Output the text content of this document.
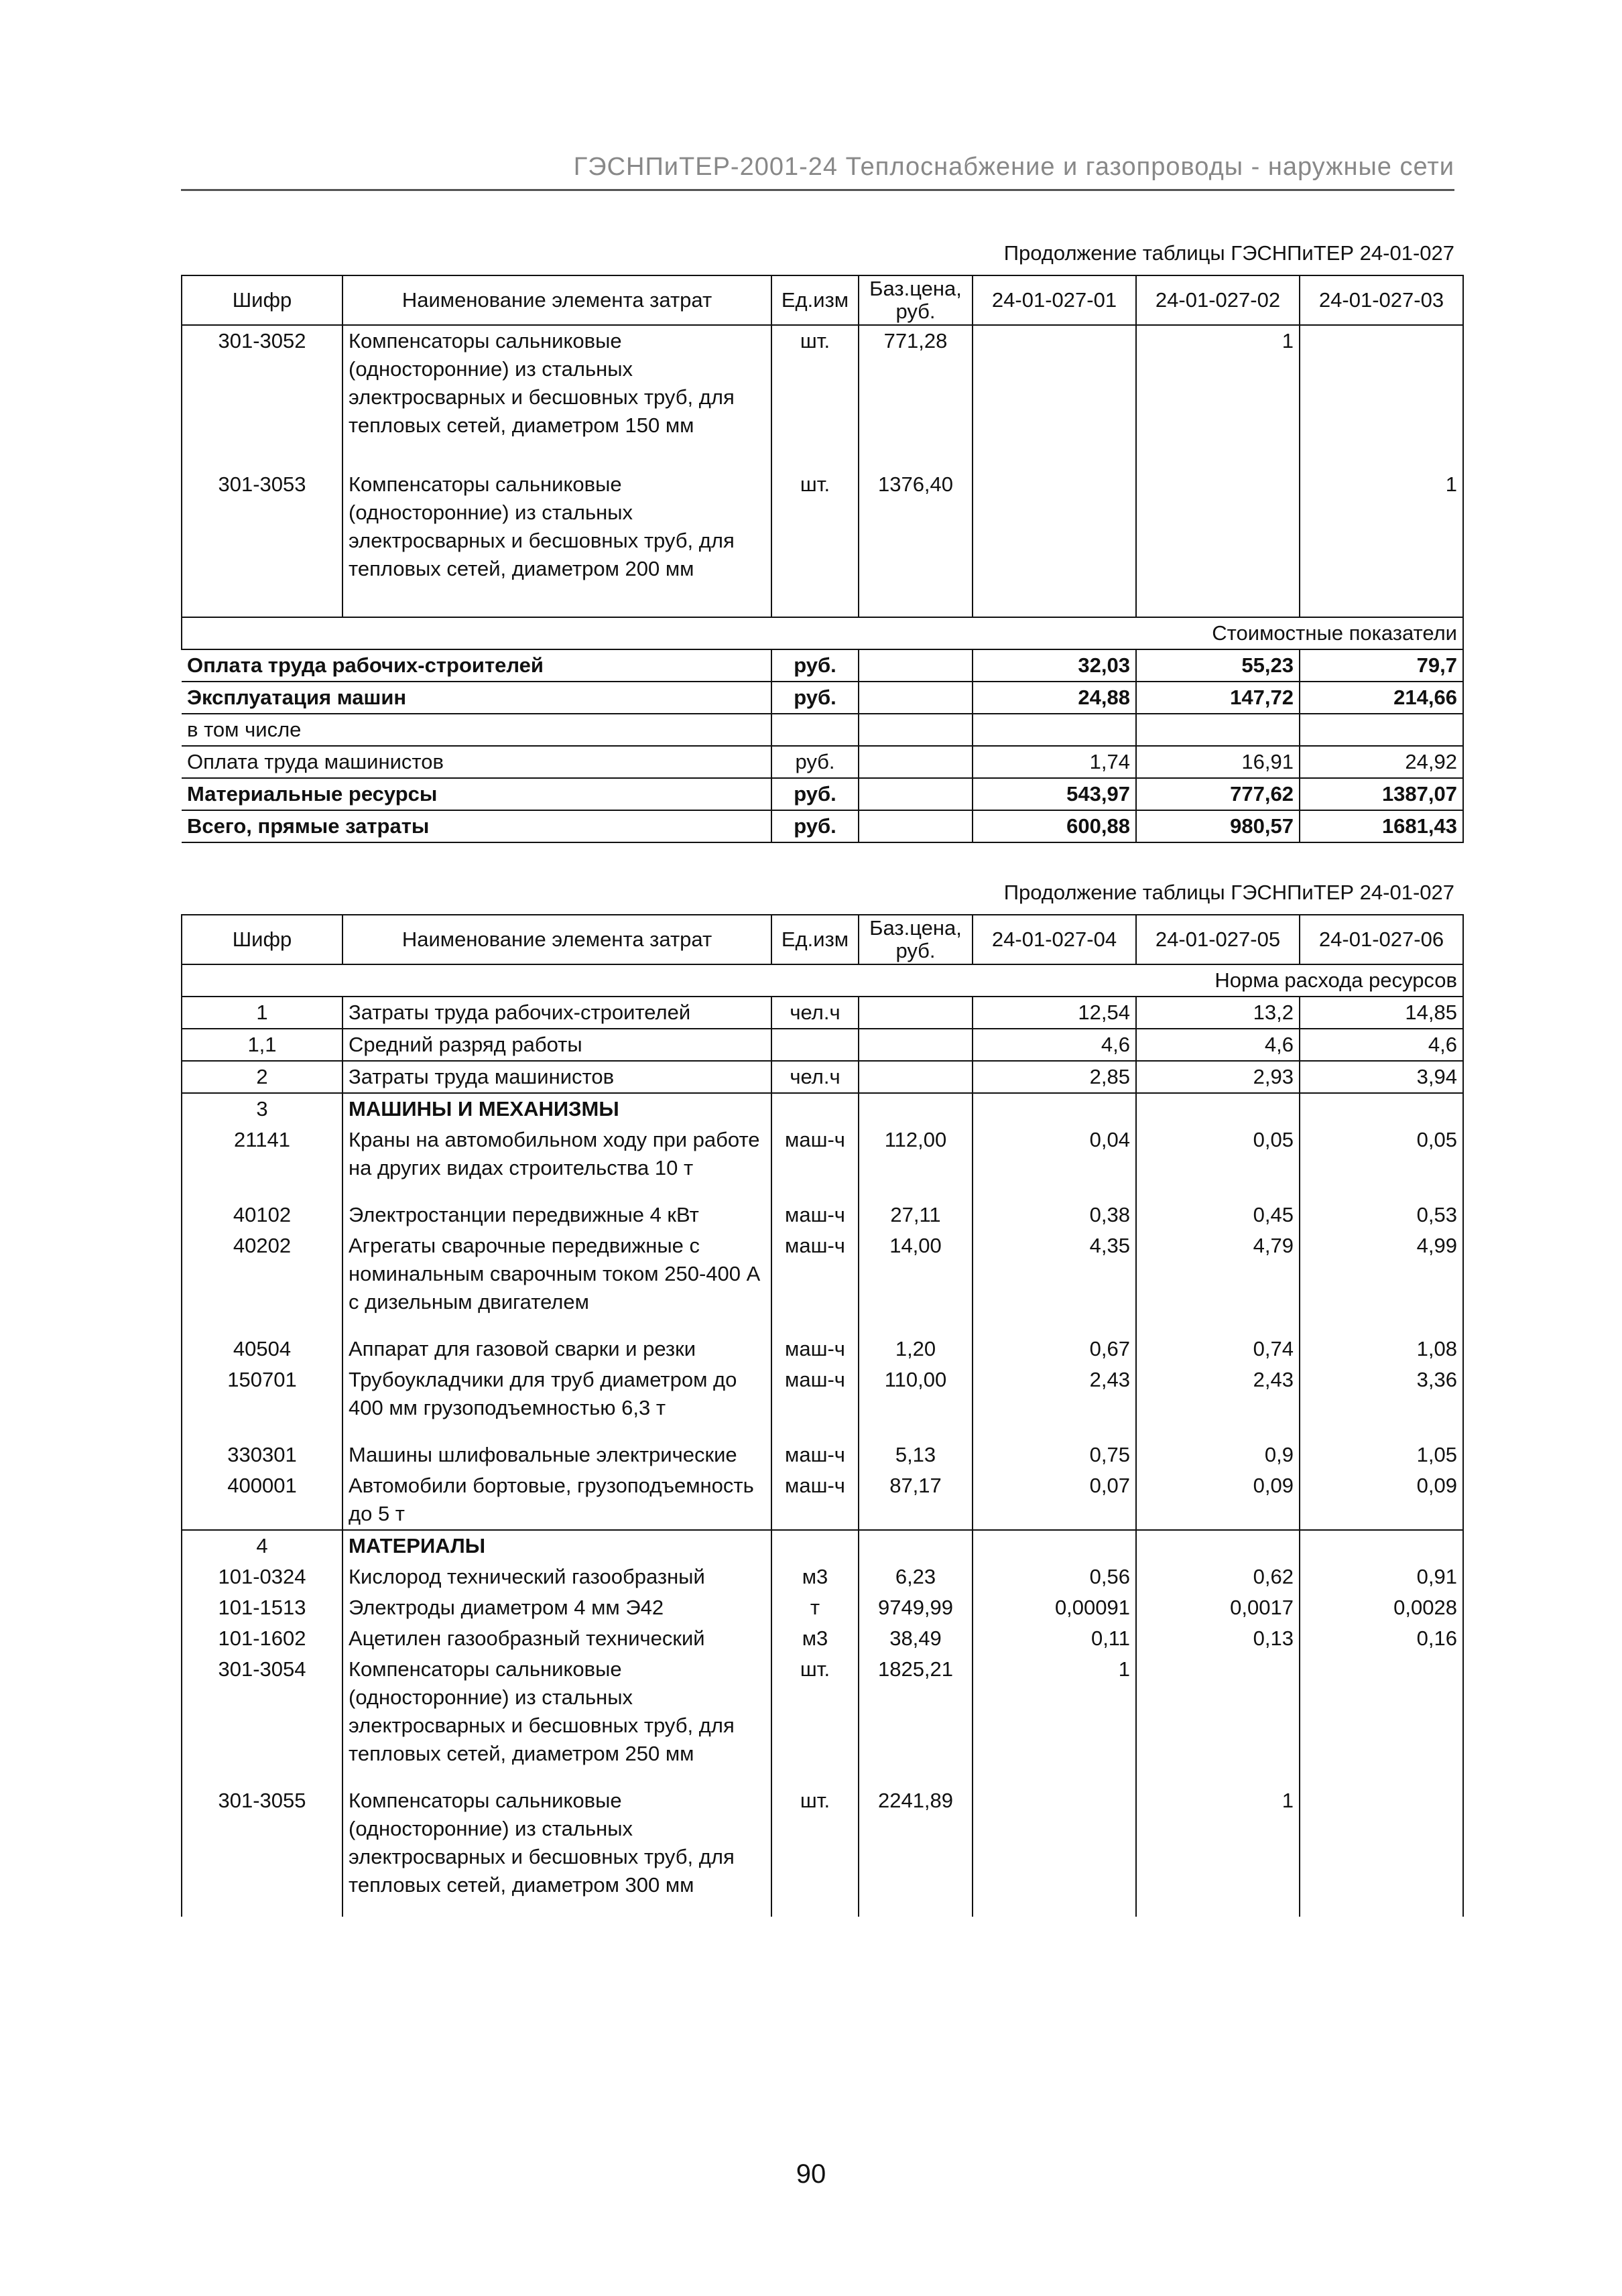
ГЭСНПиТЕР-2001-24 Теплоснабжение и газопроводы - наружные сети
Продолжение таблицы ГЭСНПиТЕР 24-01-027
Шифр	Наименование элемента затрат	Ед.изм	Баз.цена, руб.	24-01-027-01	24-01-027-02	24-01-027-03
301-3052	Компенсаторы сальниковые (односторонние) из стальных электросварных и бесшовных труб, для тепловых сетей, диаметром 150 мм	шт.	771,28		1	
301-3053	Компенсаторы сальниковые (односторонние) из стальных электросварных и бесшовных труб, для тепловых сетей, диаметром 200 мм	шт.	1376,40			1
Стоимостные показатели						
Оплата труда рабочих-строителей		руб.		32,03	55,23	79,7
Эксплуатация машин		руб.		24,88	147,72	214,66
в том числе						
Оплата труда машинистов		руб.		1,74	16,91	24,92
Материальные ресурсы		руб.		543,97	777,62	1387,07
Всего, прямые затраты		руб.		600,88	980,57	1681,43
Продолжение таблицы ГЭСНПиТЕР 24-01-027
Шифр	Наименование элемента затрат	Ед.изм	Баз.цена, руб.	24-01-027-04	24-01-027-05	24-01-027-06
Норма расхода ресурсов						
1	Затраты труда рабочих-строителей	чел.ч		12,54	13,2	14,85
1,1	Средний разряд работы			4,6	4,6	4,6
2	Затраты труда машинистов	чел.ч		2,85	2,93	3,94
3	МАШИНЫ И МЕХАНИЗМЫ					
21141	Краны на автомобильном ходу при работе на других видах строительства 10 т	маш-ч	112,00	0,04	0,05	0,05
40102	Электростанции передвижные 4 кВт	маш-ч	27,11	0,38	0,45	0,53
40202	Агрегаты сварочные передвижные с номинальным сварочным током 250-400 А с дизельным двигателем	маш-ч	14,00	4,35	4,79	4,99
40504	Аппарат для газовой сварки и резки	маш-ч	1,20	0,67	0,74	1,08
150701	Трубоукладчики для труб диаметром до 400 мм грузоподъемностью 6,3 т	маш-ч	110,00	2,43	2,43	3,36
330301	Машины шлифовальные электрические	маш-ч	5,13	0,75	0,9	1,05
400001	Автомобили бортовые, грузоподъемность до 5 т	маш-ч	87,17	0,07	0,09	0,09
4	МАТЕРИАЛЫ					
101-0324	Кислород технический газообразный	м3	6,23	0,56	0,62	0,91
101-1513	Электроды диаметром 4 мм Э42	т	9749,99	0,00091	0,0017	0,0028
101-1602	Ацетилен газообразный технический	м3	38,49	0,11	0,13	0,16
301-3054	Компенсаторы сальниковые (односторонние) из стальных электросварных и бесшовных труб, для тепловых сетей, диаметром 250 мм	шт.	1825,21	1		
301-3055	Компенсаторы сальниковые (односторонние) из стальных электросварных и бесшовных труб, для тепловых сетей, диаметром 300 мм	шт.	2241,89		1	
90
